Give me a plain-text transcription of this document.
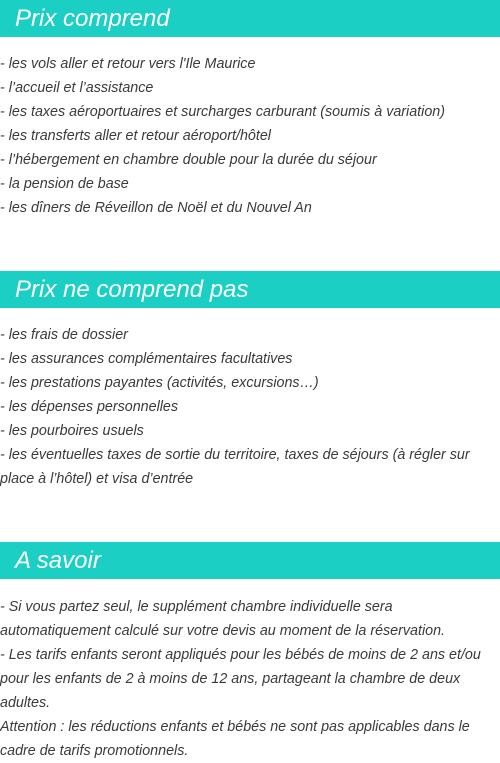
Prix comprend
- les vols aller et retour vers l'Ile Maurice
- l’accueil et l’assistance
- les taxes aéroportuaires et surcharges carburant (soumis à variation)
- les transferts aller et retour aéroport/hôtel
- l’hébergement en chambre double pour la durée du séjour
- la pension de base
- les dîners de Réveillon de Noël et du Nouvel An
Prix ne comprend pas
- les frais de dossier
- les assurances complémentaires facultatives
- les prestations payantes (activités, excursions…)
- les dépenses personnelles
- les pourboires usuels
- les éventuelles taxes de sortie du territoire, taxes de séjours (à régler sur place à l’hôtel) et visa d’entrée
A savoir
- Si vous partez seul, le supplément chambre individuelle sera automatiquement calculé sur votre devis au moment de la réservation.
- Les tarifs enfants seront appliqués pour les bébés de moins de 2 ans et/ou pour les enfants de 2 à moins de 12 ans, partageant la chambre de deux adultes.
Attention : les réductions enfants et bébés ne sont pas applicables dans le cadre de tarifs promotionnels.
